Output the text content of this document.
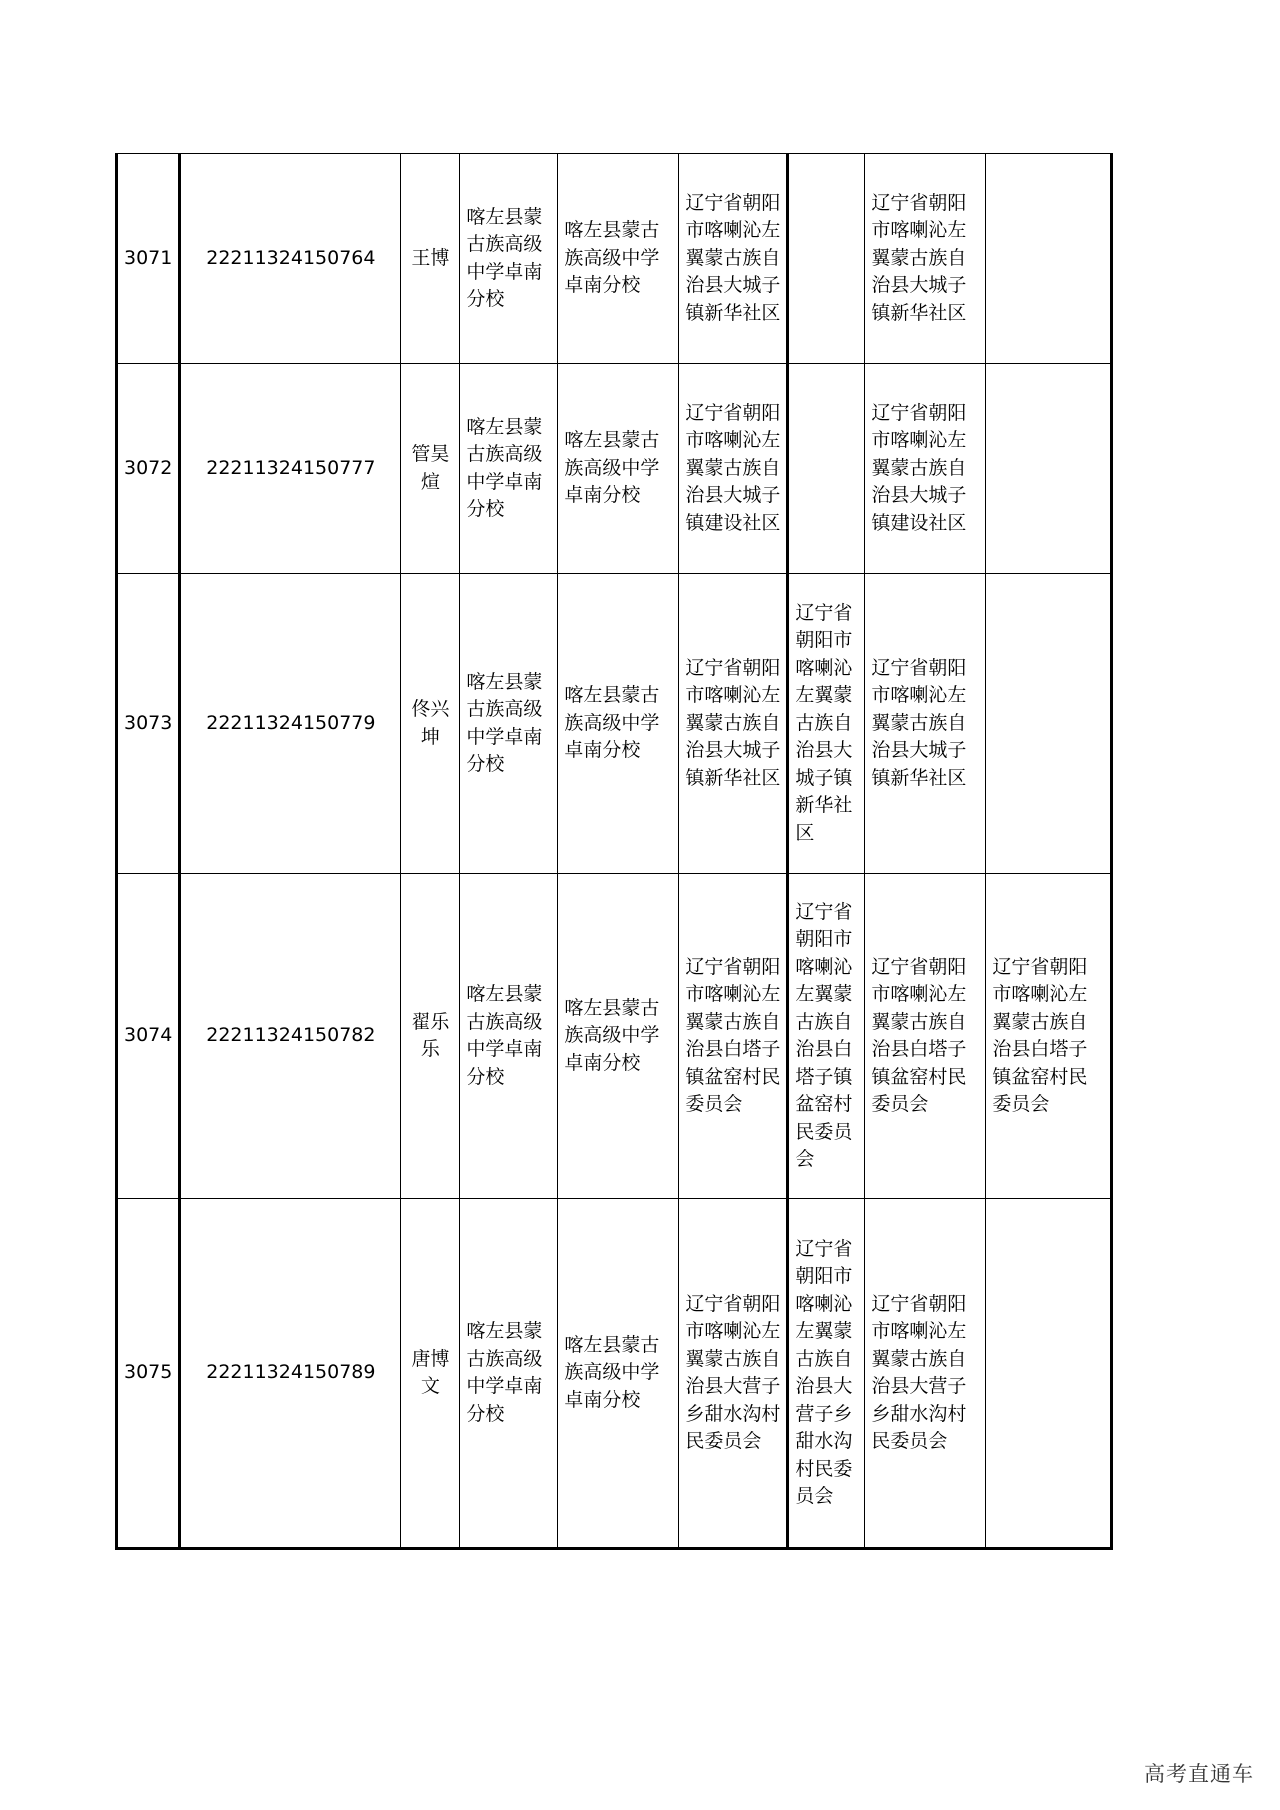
3071	22211324150764	王博	喀左县蒙古族高级中学卓南分校	喀左县蒙古族高级中学卓南分校	辽宁省朝阳市喀喇沁左翼蒙古族自治县大城子镇新华社区		辽宁省朝阳市喀喇沁左翼蒙古族自治县大城子镇新华社区	
3072	22211324150777	管昊煊	喀左县蒙古族高级中学卓南分校	喀左县蒙古族高级中学卓南分校	辽宁省朝阳市喀喇沁左翼蒙古族自治县大城子镇建设社区		辽宁省朝阳市喀喇沁左翼蒙古族自治县大城子镇建设社区	
3073	22211324150779	佟兴坤	喀左县蒙古族高级中学卓南分校	喀左县蒙古族高级中学卓南分校	辽宁省朝阳市喀喇沁左翼蒙古族自治县大城子镇新华社区	辽宁省朝阳市喀喇沁左翼蒙古族自治县大城子镇新华社区	辽宁省朝阳市喀喇沁左翼蒙古族自治县大城子镇新华社区	
3074	22211324150782	翟乐乐	喀左县蒙古族高级中学卓南分校	喀左县蒙古族高级中学卓南分校	辽宁省朝阳市喀喇沁左翼蒙古族自治县白塔子镇盆窑村民委员会	辽宁省朝阳市喀喇沁左翼蒙古族自治县白塔子镇盆窑村民委员会	辽宁省朝阳市喀喇沁左翼蒙古族自治县白塔子镇盆窑村民委员会	辽宁省朝阳市喀喇沁左翼蒙古族自治县白塔子镇盆窑村民委员会
3075	22211324150789	唐博文	喀左县蒙古族高级中学卓南分校	喀左县蒙古族高级中学卓南分校	辽宁省朝阳市喀喇沁左翼蒙古族自治县大营子乡甜水沟村民委员会	辽宁省朝阳市喀喇沁左翼蒙古族自治县大营子乡甜水沟村民委员会	辽宁省朝阳市喀喇沁左翼蒙古族自治县大营子乡甜水沟村民委员会	
高考直通车
